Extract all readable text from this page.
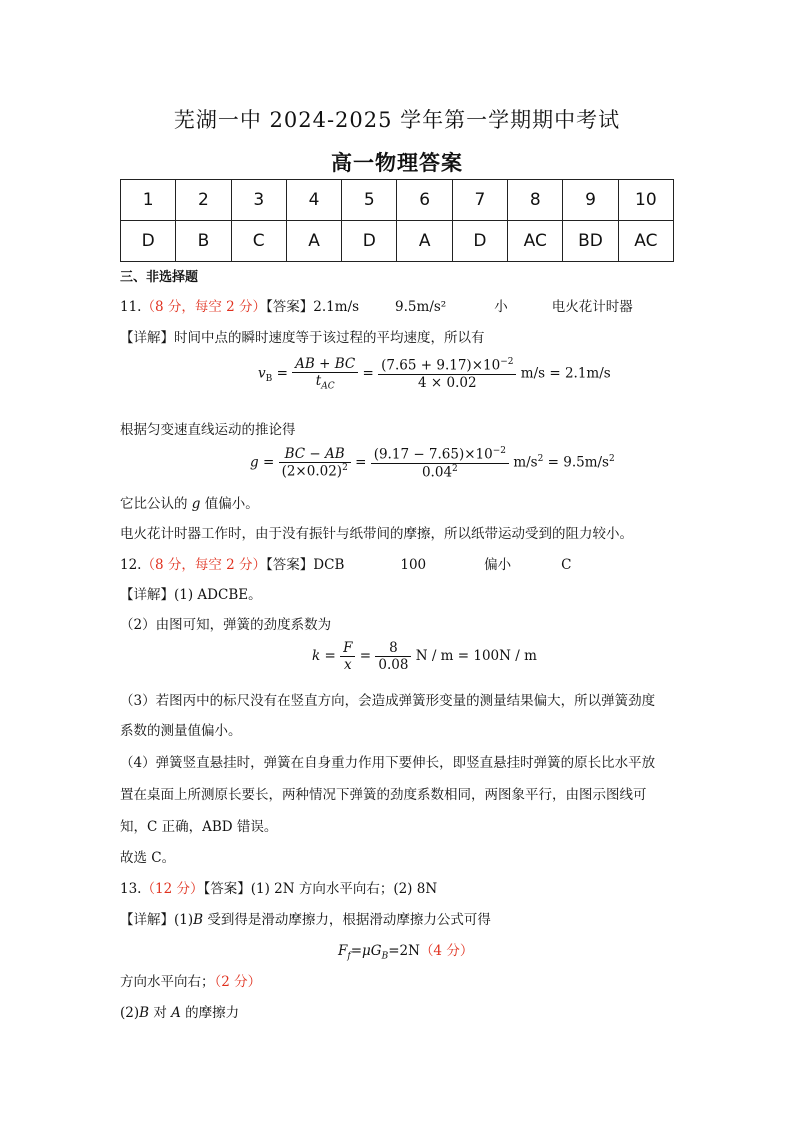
芜湖一中 2024-2025 学年第一学期期中考试
高一物理答案
1	2	3	4	5	6	7	8	9	10
D	B	C	A	D	A	D	AC	BD	AC
三、非选择题
11.（8 分，每空 2 分）【答案】2.1m/s	9.5m/s²	小	电火花计时器
【详解】时间中点的瞬时速度等于该过程的平均速度，所以有
$v_B = \frac{AB + BC}{t_{AC}} = \frac{(7.65 + 9.17)\times 10^{-2}}{4 \times 0.02} m/s = 2.1m/s$
根据匀变速直线运动的推论得
$g = \frac{BC - AB}{(2\times 0.02)^2} = \frac{(9.17 - 7.65)\times 10^{-2}}{0.04^2} m/s^2 = 9.5m/s^2$
它比公认的 g 值偏小。
电火花计时器工作时，由于没有振针与纸带间的摩擦，所以纸带运动受到的阻力较小。
12.（8 分，每空 2 分）【答案】DCB	100	偏小	C
【详解】(1) ADCBE。
（2）由图可知，弹簧的劲度系数为
$k = \frac{F}{x} = \frac{8}{0.08}$ N / m = 100N / m
（3）若图丙中的标尺没有在竖直方向，会造成弹簧形变量的测量结果偏大，所以弹簧劲度
系数的测量值偏小。
（4）弹簧竖直悬挂时，弹簧在自身重力作用下要伸长，即竖直悬挂时弹簧的原长比水平放
置在桌面上所测原长要长，两种情况下弹簧的劲度系数相同，两图象平行，由图示图线可
知，C 正确，ABD 错误。
故选 C。
13.（12 分）【答案】(1) 2N 方向水平向右；(2) 8N
【详解】(1)B 受到得是滑动摩擦力，根据滑动摩擦力公式可得
$F_f=\mu G_B=2N(4$ 分）
方向水平向右；（2 分）
(2)B 对 A 的摩擦力
